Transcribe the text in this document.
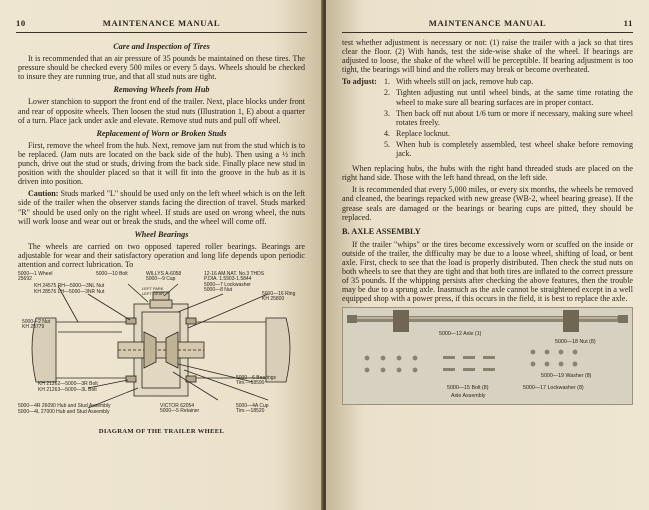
10	MAINTENANCE MANUAL
Care and Inspection of Tires

It is recommended that an air pressure of 35 pounds be maintained on these tires. The pressure should be checked every 500 miles or every 5 days. Wheels should be checked to insure they are running true, and that all stud nuts are tight.

Removing Wheels from Hub

Lower stanchion to support the front end of the trailer. Next, place blocks under front and rear of opposite wheels. Then loosen the stud nuts (Illustration 1, E) about a quarter of a turn. Place jack under axle and elevate. Remove stud nuts and pull off wheel.

Replacement of Worn or Broken Studs

First, remove the wheel from the hub. Next, remove jam nut from the stud which is to be replaced. (Jam nuts are located on the back side of the hub). Then using a ½ inch punch, drive out the stud or studs, driving from the back side. Finally place new stud in position with the shoulder placed so that it will fit into the groove in the hub as it is driven into position.

Caution: Studs marked "L" should be used only on the left wheel which is on the left side of the trailer when the observer stands facing the direction of travel. Studs marked "R" should be used only on the right wheel. If studs are used on wrong wheel, the nuts will work loose and wear out or break the studs, and the wheel will come off.

Wheel Bearings

The wheels are carried on two opposed tapered roller bearings. Bearings are adjustable for wear and their satisfactory operation and long life depends upon periodic attention and correct lubrication. To

5000—1 Wheel
25692
5000—10 Bolt	WILLYS A-6058
5000—9 Cap
12-16 AM.NAT. No.3 THDS
P.DIA. 1.5903-1.5844
5000—7 Lockwasher
5000—8 Nut
KH 24575 RH—5000—3NL Nut
KH 28576 LH—5000—3NR Nut
LEFT PARK
LEFT GEAR	5000—16 Ring
KH 25800
5000—2 Nut
KH 25779
KH 21262—5000—3R Bolt
KH 21263—5000—3L Bolt
5000—6 Bearings
Tim.—18590
5000—4R 26090 Hub and Stud Assembly
5000—4L 27000 Hub and Stud Assembly
VICTOR 62054
5000—5 Retainer
5000—4A Cup
Tim.—18520
DIAGRAM OF THE TRAILER WHEEL
MAINTENANCE MANUAL	11

test whether adjustment is necessary or not: (1) raise the trailer with a jack so that tires clear the floor. (2) With hands, test the side-wise shake of the wheel. If bearings are adjusted to loose, the shake of the wheel will be perceptible. If bearing adjustment is too tight, the bearings will bind and the rollers may break or become overheated.

To adjust: 1. With wheels still on jack, remove hub cap.
2. Tighten adjusting nut until wheel binds, at the same time rotating the wheel to make sure all bearing surfaces are in proper contact.
3. Then back off nut about 1/6 turn or more if necessary, making sure wheel rotates freely.
4. Replace locknut.
5. When hub is completely assembled, test wheel shake before removing jack.

When replacing hubs, the hubs with the right hand threaded studs are placed on the right hand side. Those with the left hand thread, on the left side.

It is recommended that every 5,000 miles, or every six months, the wheels be removed and cleaned, the bearings repacked with new grease (WB-2, wheel bearing grease). If the grease seals are damaged or the bearings or bearing cups are pitted, they should be replaced.

B. AXLE ASSEMBLY

If the trailer "whips" or the tires become excessively worn or scuffed on the inside or outside of the trailer, the difficulty may be due to a loose wheel, shifting of load, or bent axle. First, check to see that the load is properly distributed. Then check the stud nuts on both wheels to see that they are tight and that both tires are inflated to the correct pressure of 35 pounds. If the whipping persists after checking the above features, then the trouble may be due to a sprung axle. Inasmuch as the axle cannot be straightened except in a well equipped shop with a power press, if this occurs in the field, it is best to replace the axle.

5000—12 Axle (1)
5000—18 Nut (8)
5000—19 Washer (8)
5000—15 Bolt (8)	5000—17 Lockwasher (8)
Axle Assembly
